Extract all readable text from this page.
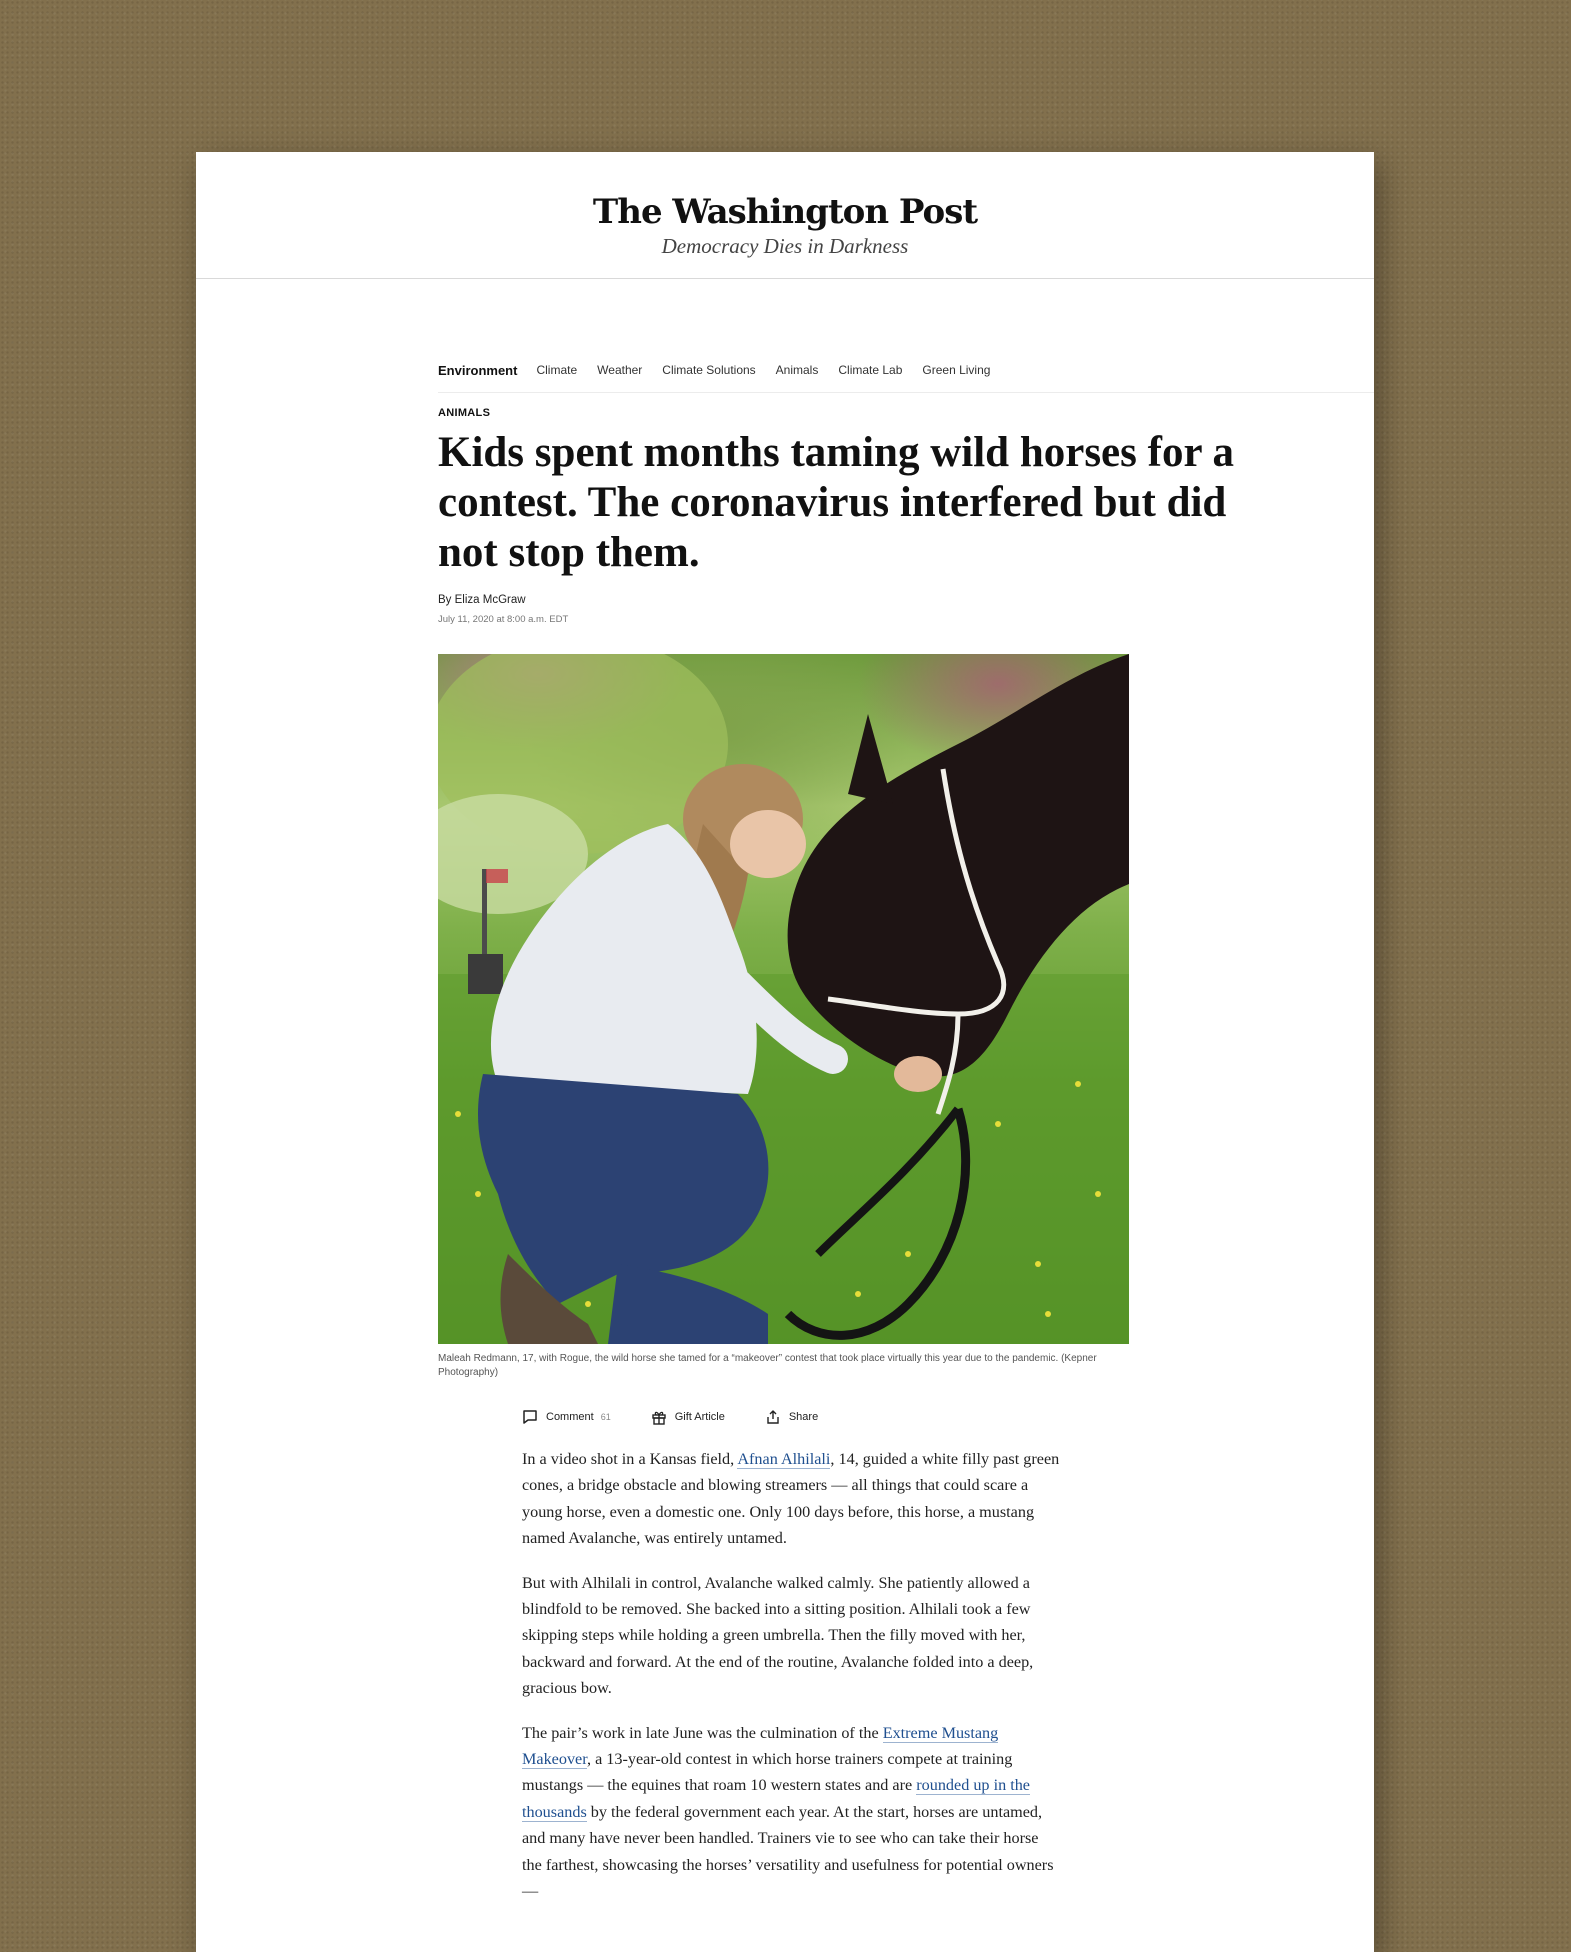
The Washington Post
Democracy Dies in Darkness
Environment Climate Weather Climate Solutions Animals Climate Lab Green Living
ANIMALS
Kids spent months taming wild horses for a contest. The coronavirus interfered but did not stop them.
By Eliza McGraw
July 11, 2020 at 8:00 a.m. EDT
Maleah Redmann, 17, with Rogue, the wild horse she tamed for a “makeover” contest that took place virtually this year due to the pandemic. (Kepner Photography)
Comment 61	Gift Article	Share

In a video shot in a Kansas field, Afnan Alhilali, 14, guided a white filly past green cones, a bridge obstacle and blowing streamers — all things that could scare a young horse, even a domestic one. Only 100 days before, this horse, a mustang named Avalanche, was entirely untamed.

But with Alhilali in control, Avalanche walked calmly. She patiently allowed a blindfold to be removed. She backed into a sitting position. Alhilali took a few skipping steps while holding a green umbrella. Then the filly moved with her, backward and forward. At the end of the routine, Avalanche folded into a deep, gracious bow.

The pair’s work in late June was the culmination of the Extreme Mustang Makeover, a 13-year-old contest in which horse trainers compete at training mustangs — the equines that roam 10 western states and are rounded up in the thousands by the federal government each year. At the start, horses are untamed, and many have never been handled. Trainers vie to see who can take their horse the farthest, showcasing the horses’ versatility and usefulness for potential owners —
